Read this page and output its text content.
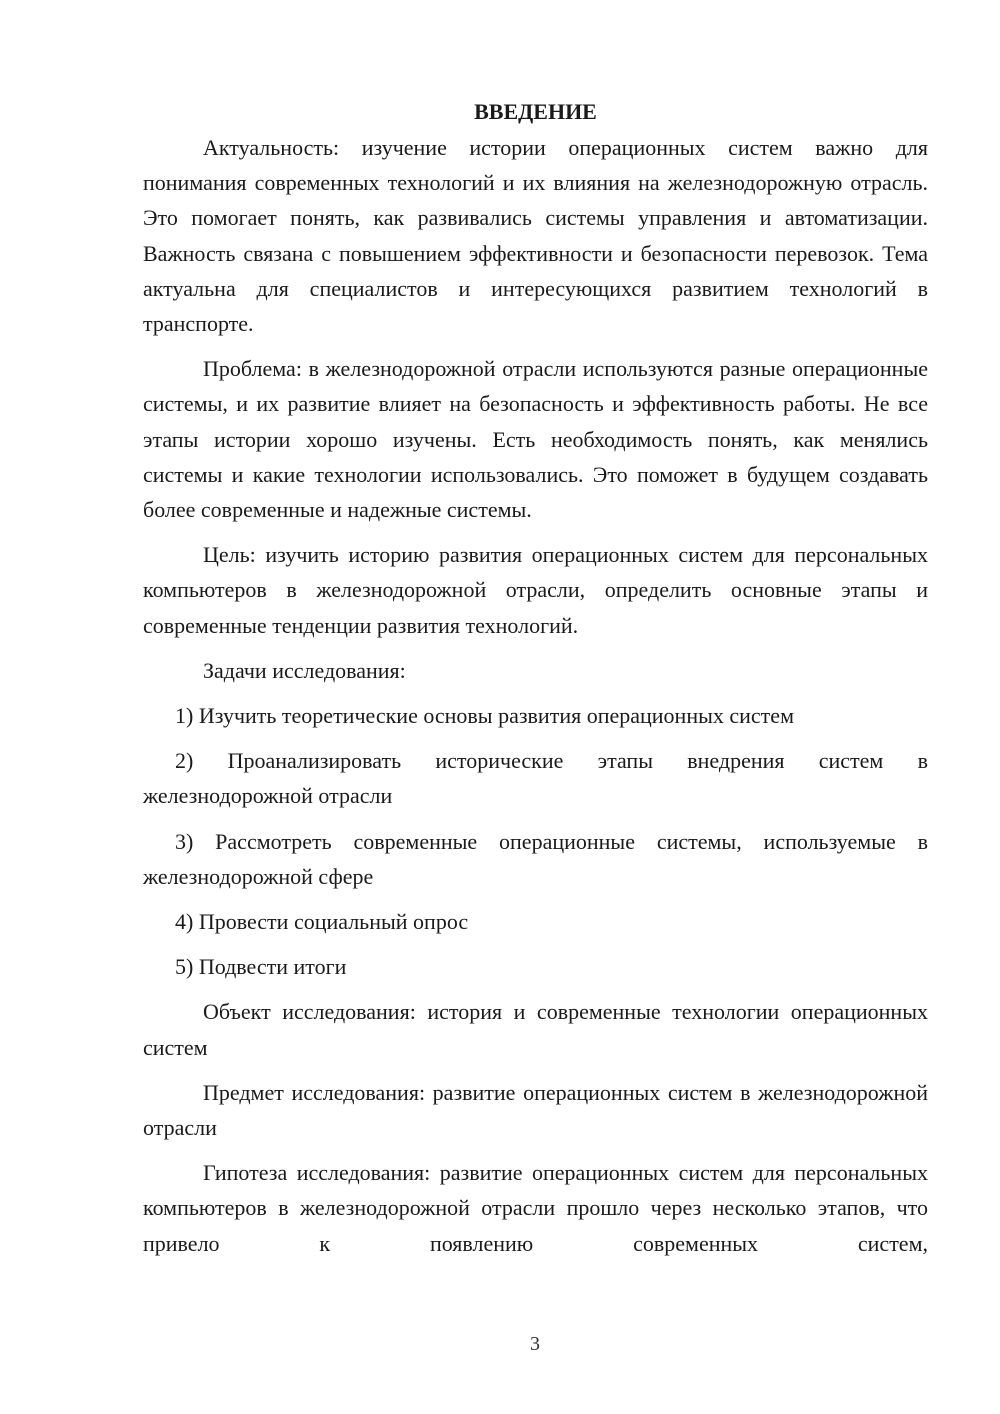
ВВЕДЕНИЕ

Актуальность: изучение истории операционных систем важно для понимания современных технологий и их влияния на железнодорожную отрасль. Это помогает понять, как развивались системы управления и автоматизации. Важность связана с повышением эффективности и безопасности перевозок. Тема актуальна для специалистов и интересующихся развитием технологий в транспорте.

Проблема: в железнодорожной отрасли используются разные операционные системы, и их развитие влияет на безопасность и эффективность работы. Не все этапы истории хорошо изучены. Есть необходимость понять, как менялись системы и какие технологии использовались. Это поможет в будущем создавать более современные и надежные системы.

Цель: изучить историю развития операционных систем для персональных компьютеров в железнодорожной отрасли, определить основные этапы и современные тенденции развития технологий.

Задачи исследования:

1) Изучить теоретические основы развития операционных систем

2) Проанализировать исторические этапы внедрения систем в железнодорожной отрасли

3) Рассмотреть современные операционные системы, используемые в железнодорожной сфере

4) Провести социальный опрос

5) Подвести итоги

Объект исследования: история и современные технологии операционных систем

Предмет исследования: развитие операционных систем в железнодорожной отрасли

Гипотеза исследования: развитие операционных систем для персональных компьютеров в железнодорожной отрасли прошло через несколько этапов, что привело к появлению современных систем,

3
